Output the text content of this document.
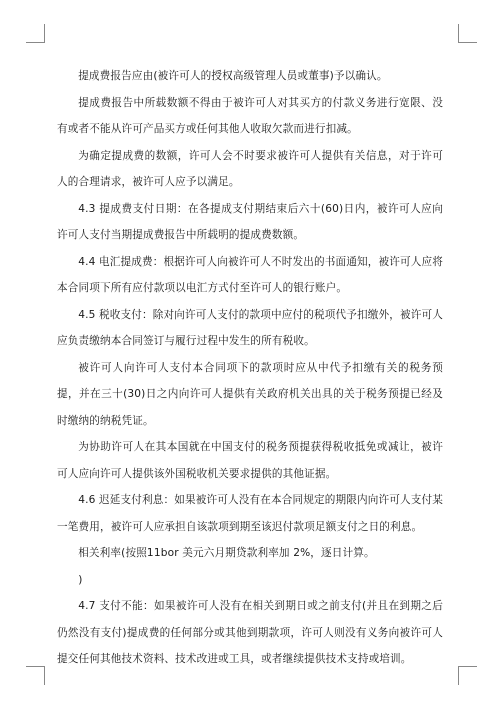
提成费报告应由(被许可人的授权高级管理人员或董事)予以确认。

提成费报告中所载数额不得由于被许可人对其买方的付款义务进行宽限、没有或者不能从许可产品买方或任何其他人收取欠款而进行扣减。

为确定提成费的数额，许可人会不时要求被许可人提供有关信息，对于许可人的合理请求，被许可人应予以满足。

4.3 提成费支付日期：在各提成支付期结束后六十(60)日内，被许可人应向许可人支付当期提成费报告中所载明的提成费数额。

4.4 电汇提成费：根据许可人向被许可人不时发出的书面通知，被许可人应将本合同项下所有应付款项以电汇方式付至许可人的银行账户。

4.5 税收支付：除对向许可人支付的款项中应付的税项代予扣缴外，被许可人应负责缴纳本合同签订与履行过程中发生的所有税收。

被许可人向许可人支付本合同项下的款项时应从中代予扣缴有关的税务预提，并在三十(30)日之内向许可人提供有关政府机关出具的关于税务预提已经及时缴纳的纳税凭证。

为协助许可人在其本国就在中国支付的税务预提获得税收抵免或减让，被许可人应向许可人提供该外国税收机关要求提供的其他证据。

4.6 迟延支付利息：如果被许可人没有在本合同规定的期限内向许可人支付某一笔费用，被许可人应承担自该款项到期至该迟付款项足额支付之日的利息。

相关利率(按照11bor 美元六月期贷款利率加 2%，逐日计算。

)

4.7 支付不能：如果被许可人没有在相关到期日或之前支付(并且在到期之后仍然没有支付)提成费的任何部分或其他到期款项，许可人则没有义务向被许可人提交任何其他技术资料、技术改进或工具，或者继续提供技术支持或培训。
